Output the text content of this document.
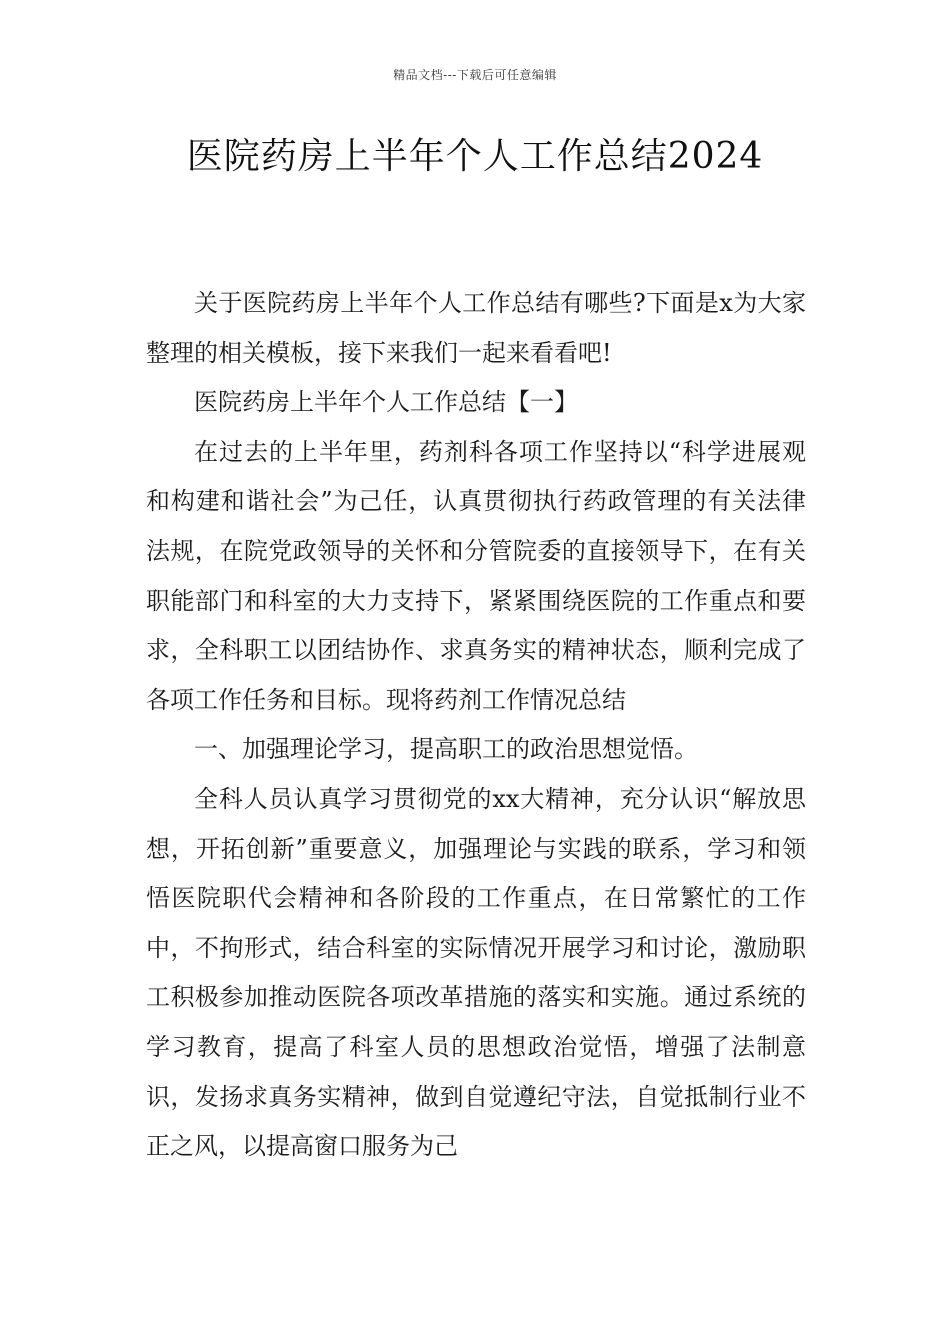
精品文档---下载后可任意编辑
医院药房上半年个人工作总结2024

关于医院药房上半年个人工作总结有哪些?下面是x为大家整理的相关模板，接下来我们一起来看看吧!

医院药房上半年个人工作总结【一】

在过去的上半年里，药剂科各项工作坚持以“科学进展观和构建和谐社会”为己任，认真贯彻执行药政管理的有关法律法规，在院党政领导的关怀和分管院委的直接领导下，在有关职能部门和科室的大力支持下，紧紧围绕医院的工作重点和要求，全科职工以团结协作、求真务实的精神状态，顺利完成了各项工作任务和目标。现将药剂工作情况总结

一、加强理论学习，提高职工的政治思想觉悟。

全科人员认真学习贯彻党的xx大精神，充分认识“解放思想，开拓创新”重要意义，加强理论与实践的联系，学习和领悟医院职代会精神和各阶段的工作重点，在日常繁忙的工作中，不拘形式，结合科室的实际情况开展学习和讨论，激励职工积极参加推动医院各项改革措施的落实和实施。通过系统的学习教育，提高了科室人员的思想政治觉悟，增强了法制意识，发扬求真务实精神，做到自觉遵纪守法，自觉抵制行业不正之风，以提高窗口服务为己
